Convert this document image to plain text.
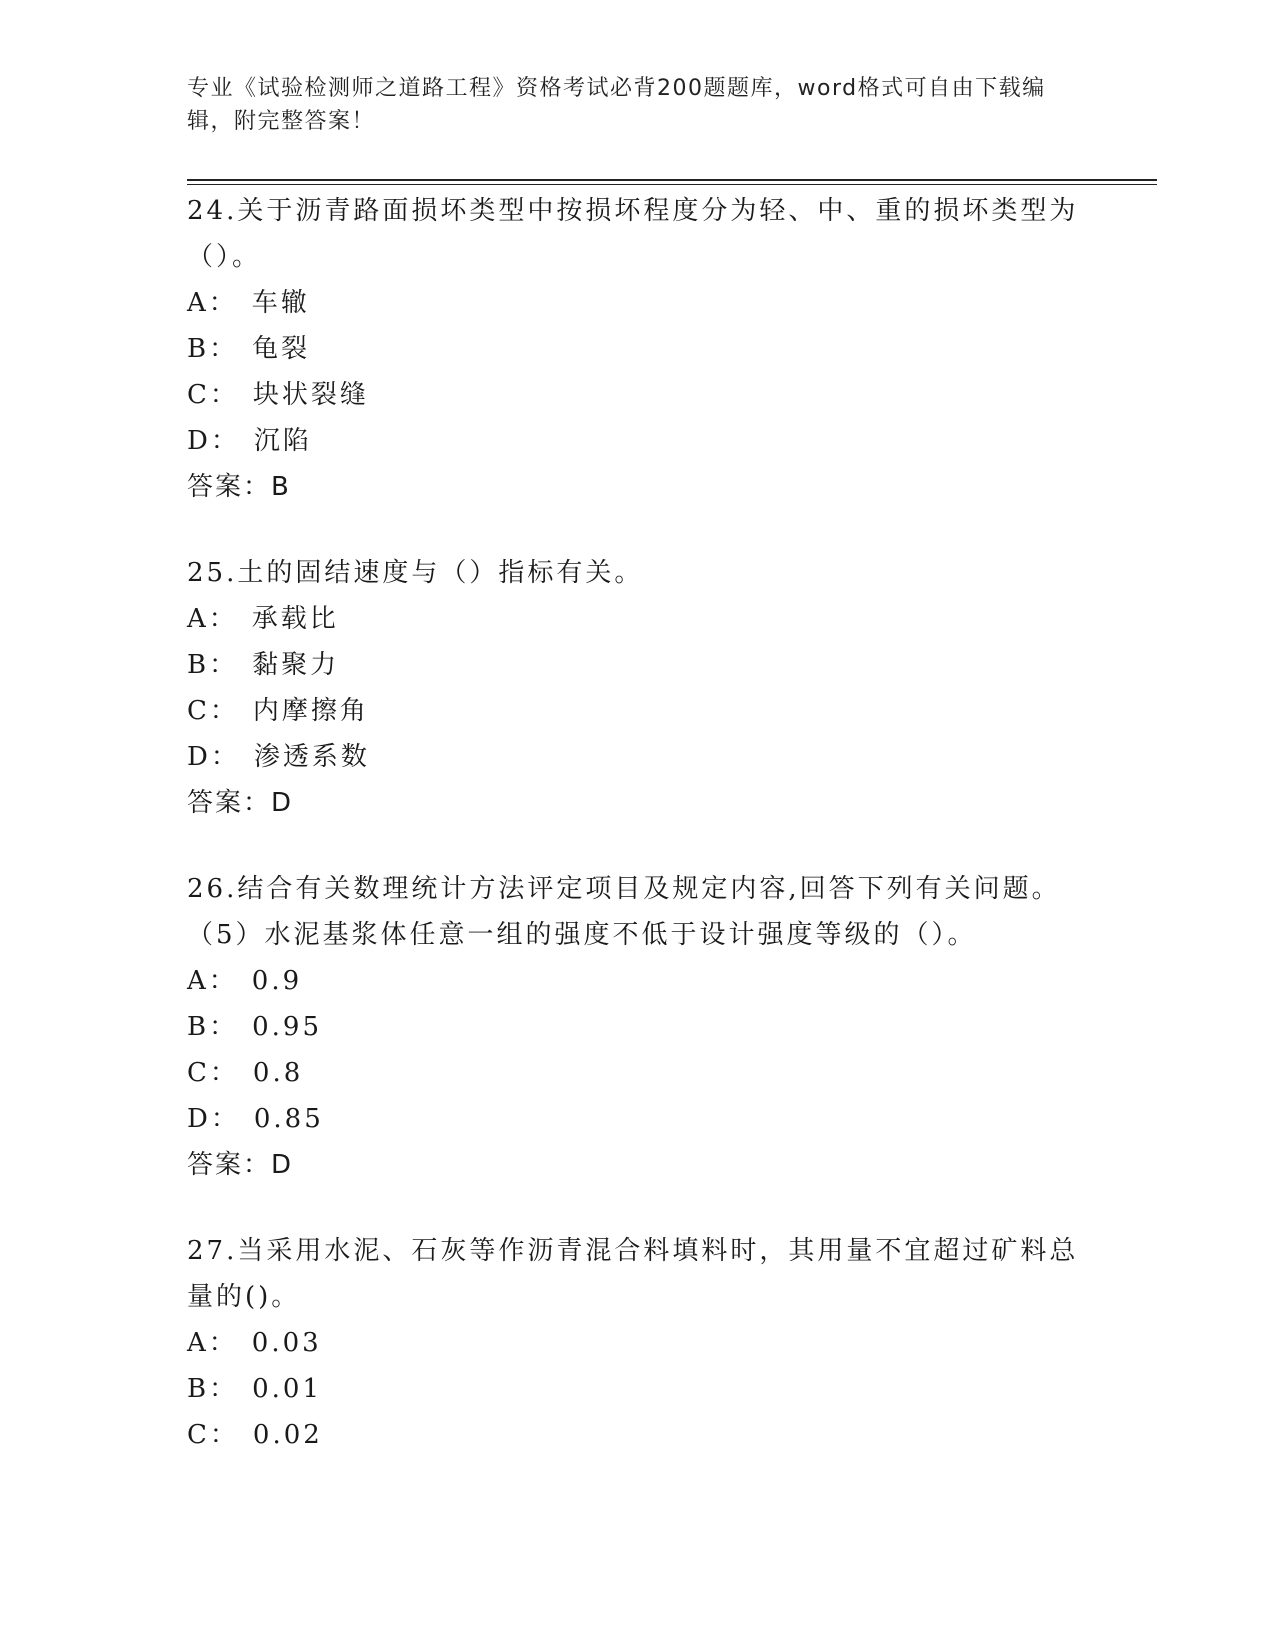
专业《试验检测师之道路工程》资格考试必背200题题库，word格式可自由下载编辑，附完整答案！

24.关于沥青路面损坏类型中按损坏程度分为轻、中、重的损坏类型为（）。

A： 车辙

B： 龟裂

C： 块状裂缝

D： 沉陷

答案：B

25.土的固结速度与（）指标有关。

A： 承载比

B： 黏聚力

C： 内摩擦角

D： 渗透系数

答案：D

26.结合有关数理统计方法评定项目及规定内容,回答下列有关问题。（5）水泥基浆体任意一组的强度不低于设计强度等级的（）。

A： 0.9

B： 0.95

C： 0.8

D： 0.85

答案：D

27.当采用水泥、石灰等作沥青混合料填料时，其用量不宜超过矿料总量的()。

A： 0.03

B： 0.01

C： 0.02
